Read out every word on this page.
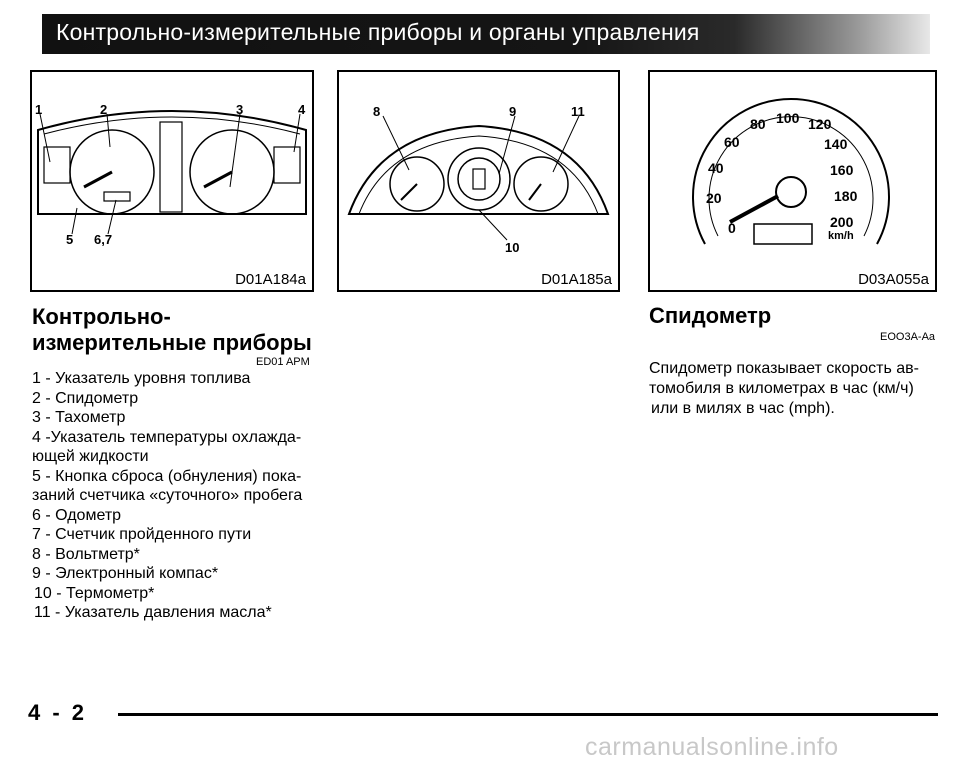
Контрольно-измерительные приборы и органы управления
1	2	3	4
5 6,7
D01A184a
8	9	11
10
D01A185a
0
20
40
60
80 100 120
140
160
180
200
km/h
D03A055a
Контрольно-измерительные приборы
ED01 APM
1 - Указатель уровня топлива
2 - Спидометр
3 - Тахометр
4 -Указатель температуры охлажда-
ющей жидкости
5 - Кнопка сброса (обнуления) пока-
заний счетчика «суточного» пробега
6 - Одометр
7 - Счетчик пройденного пути
8 - Вольтметр*
9 - Электронный компас*
10 - Термометр*
11 - Указатель давления масла*
Спидометр
EOO3A-Aa
Спидометр показывает скорость ав-
томобиля в километрах в час (км/ч)
или в милях в час (mph).
4 - 2
carmanualsonline.info
